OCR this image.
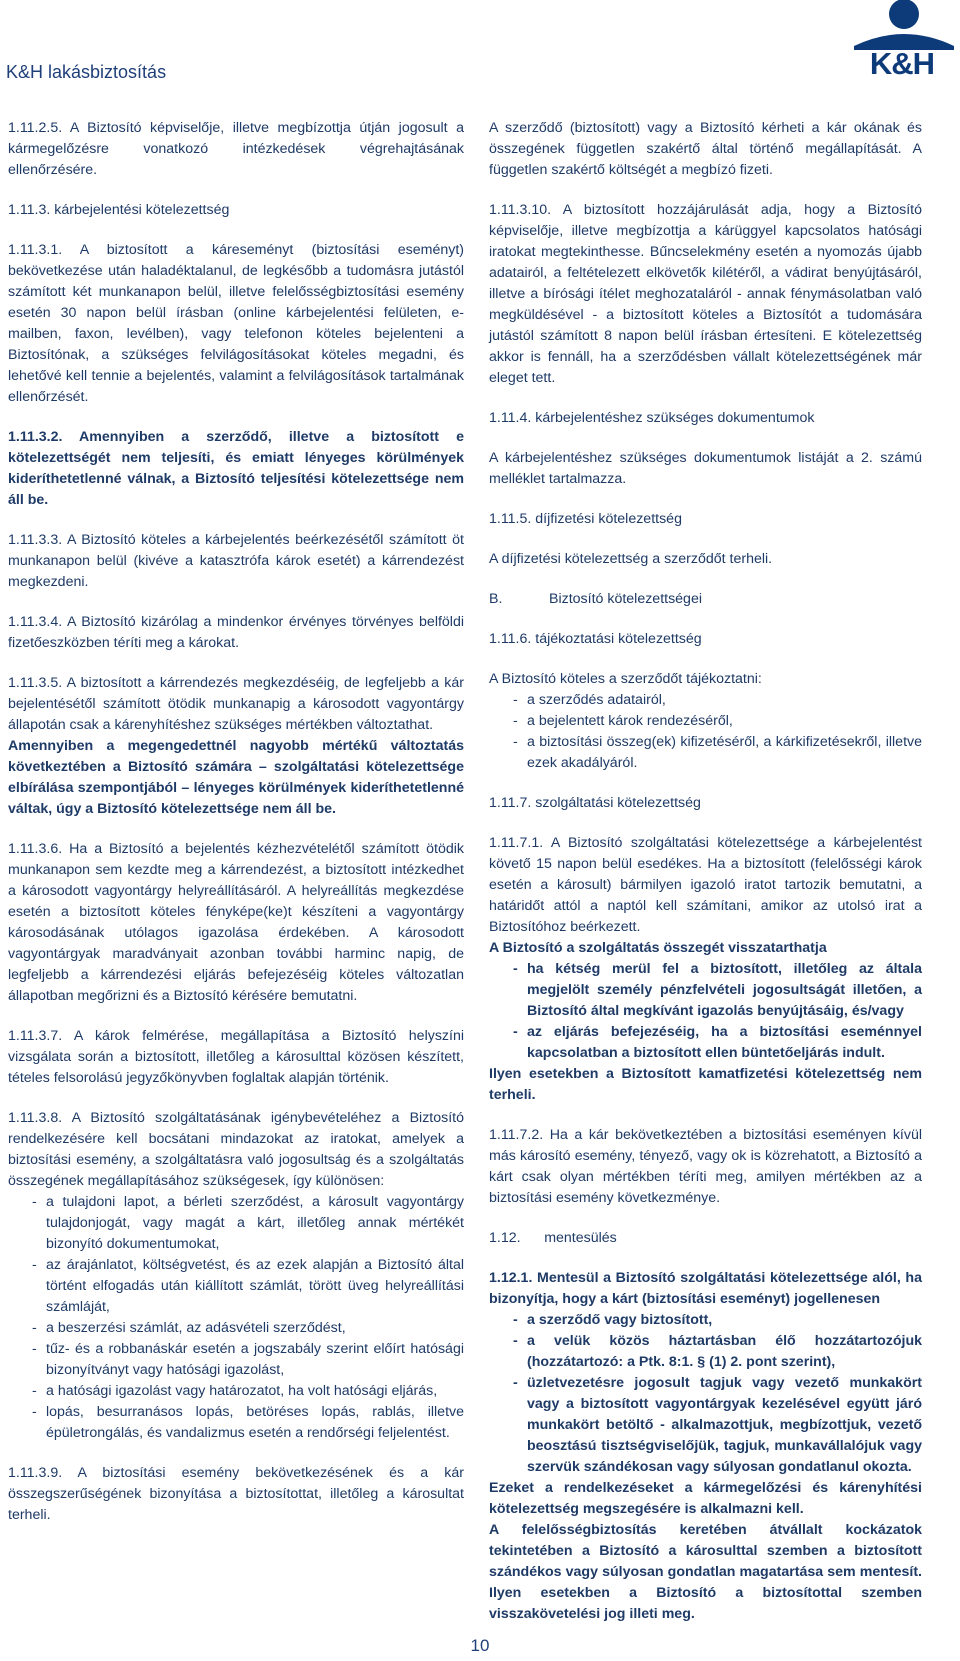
K&H lakásbiztosítás	K&H

1.11.2.5. A Biztosító képviselője, illetve megbízottja útján jogosult a kármegelőzésre vonatkozó intézkedések végrehajtásának ellenőrzésére.

1.11.3. kárbejelentési kötelezettség

1.11.3.1. A biztosított a káreseményt (biztosítási eseményt) bekövetkezése után haladéktalanul, de legkésőbb a tudomásra jutástól számított két munkanapon belül, illetve felelősségbiztosítási esemény esetén 30 napon belül írásban (online kárbejelentési felületen, e-mailben, faxon, levélben), vagy telefonon köteles bejelenteni a Biztosítónak, a szükséges felvilágosításokat köteles megadni, és lehetővé kell tennie a bejelentés, valamint a felvilágosítások tartalmának ellenőrzését.

1.11.3.2. Amennyiben a szerződő, illetve a biztosított e kötelezettségét nem teljesíti, és emiatt lényeges körülmények kideríthetetlenné válnak, a Biztosító teljesítési kötelezettsége nem áll be.

1.11.3.3. A Biztosító köteles a kárbejelentés beérkezésétől számított öt munkanapon belül (kivéve a katasztrófa károk esetét) a kárrendezést megkezdeni.

1.11.3.4. A Biztosító kizárólag a mindenkor érvényes törvényes belföldi fizetőeszközben téríti meg a károkat.

1.11.3.5. A biztosított a kárrendezés megkezdéséig, de legfeljebb a kár bejelentésétől számított ötödik munkanapig a károsodott vagyontárgy állapotán csak a kárenyhítéshez szükséges mértékben változtathat.

Amennyiben a megengedettnél nagyobb mértékű változtatás következtében a Biztosító számára – szolgáltatási kötelezettsége elbírálása szempontjából – lényeges körülmények kideríthetetlenné váltak, úgy a Biztosító kötelezettsége nem áll be.

1.11.3.6. Ha a Biztosító a bejelentés kézhezvételétől számított ötödik munkanapon sem kezdte meg a kárrendezést, a biztosított intézkedhet a károsodott vagyontárgy helyreállításáról. A helyreállítás megkezdése esetén a biztosított köteles fényképe(ke)t készíteni a vagyontárgy károsodásának utólagos igazolása érdekében. A károsodott vagyontárgyak maradványait azonban további harminc napig, de legfeljebb a kárrendezési eljárás befejezéséig köteles változatlan állapotban megőrizni és a Biztosító kérésére bemutatni.

1.11.3.7. A károk felmérése, megállapítása a Biztosító helyszíni vizsgálata során a biztosított, illetőleg a károsulttal közösen készített, tételes felsorolású jegyzőkönyvben foglaltak alapján történik.

1.11.3.8. A Biztosító szolgáltatásának igénybevételéhez a Biztosító rendelkezésére kell bocsátani mindazokat az iratokat, amelyek a biztosítási esemény, a szolgáltatásra való jogosultság és a szolgáltatás összegének megállapításához szükségesek, így különösen:

- a tulajdoni lapot, a bérleti szerződést, a károsult vagyontárgy tulajdonjogát, vagy magát a kárt, illetőleg annak mértékét bizonyító dokumentumokat,
- az árajánlatot, költségvetést, és az ezek alapján a Biztosító által történt elfogadás után kiállított számlát, törött üveg helyreállítási számláját,
- a beszerzési számlát, az adásvételi szerződést,
- tűz- és a robbanáskár esetén a jogszabály szerint előírt hatósági bizonyítványt vagy hatósági igazolást,
- a hatósági igazolást vagy határozatot, ha volt hatósági eljárás,
- lopás, besurranásos lopás, betöréses lopás, rablás, illetve épületrongálás, és vandalizmus esetén a rendőrségi feljelentést.

1.11.3.9. A biztosítási esemény bekövetkezésének és a kár összegszerűségének bizonyítása a biztosítottat, illetőleg a károsultat terheli.

A szerződő (biztosított) vagy a Biztosító kérheti a kár okának és összegének független szakértő által történő megállapítását. A független szakértő költségét a megbízó fizeti.

1.11.3.10. A biztosított hozzájárulását adja, hogy a Biztosító képviselője, illetve megbízottja a kárüggyel kapcsolatos hatósági iratokat megtekinthesse. Bűncselekmény esetén a nyomozás újabb adatairól, a feltételezett elkövetők kilétéről, a vádirat benyújtásáról, illetve a bírósági ítélet meghozataláról - annak fénymásolatban való megküldésével - a biztosított köteles a Biztosítót a tudomására jutástól számított 8 napon belül írásban értesíteni. E kötelezettség akkor is fennáll, ha a szerződésben vállalt kötelezettségének már eleget tett.

1.11.4. kárbejelentéshez szükséges dokumentumok

A kárbejelentéshez szükséges dokumentumok listáját a 2. számú melléklet tartalmazza.

1.11.5. díjfizetési kötelezettség

A díjfizetési kötelezettség a szerződőt terheli.

B.	Biztosító kötelezettségei

1.11.6. tájékoztatási kötelezettség

A Biztosító köteles a szerződőt tájékoztatni:

- a szerződés adatairól,
- a bejelentett károk rendezéséről,
- a biztosítási összeg(ek) kifizetéséről, a kárkifizetésekről, illetve ezek akadályáról.

1.11.7. szolgáltatási kötelezettség

1.11.7.1. A Biztosító szolgáltatási kötelezettsége a kárbejelentést követő 15 napon belül esedékes. Ha a biztosított (felelősségi károk esetén a károsult) bármilyen igazoló iratot tartozik bemutatni, a határidőt attól a naptól kell számítani, amikor az utolsó irat a Biztosítóhoz beérkezett.

A Biztosító a szolgáltatás összegét visszatarthatja

- ha kétség merül fel a biztosított, illetőleg az általa megjelölt személy pénzfelvételi jogosultságát illetően, a Biztosító által megkívánt igazolás benyújtásáig, és/vagy
- az eljárás befejezéséig, ha a biztosítási eseménnyel kapcsolatban a biztosított ellen büntetőeljárás indult.

Ilyen esetekben a Biztosított kamatfizetési kötelezettség nem terheli.

1.11.7.2. Ha a kár bekövetkeztében a biztosítási eseményen kívül más károsító esemény, tényező, vagy ok is közrehatott, a Biztosító a kárt csak olyan mértékben téríti meg, amilyen mértékben az a biztosítási esemény következménye.

1.12.      mentesülés

1.12.1. Mentesül a Biztosító szolgáltatási kötelezettsége alól, ha bizonyítja, hogy a kárt (biztosítási eseményt) jogellenesen

- a szerződő vagy biztosított,
- a velük közös háztartásban élő hozzátartozójuk (hozzátartozó: a Ptk. 8:1. § (1) 2. pont szerint),
- üzletvezetésre jogosult tagjuk vagy vezető munkakört vagy a biztosított vagyontárgyak kezelésével együtt járó munkakört betöltő - alkalmazottjuk, megbízottjuk, vezető beosztású tisztségviselőjük, tagjuk, munkavállalójuk vagy szervük szándékosan vagy súlyosan gondatlanul okozta.

Ezeket a rendelkezéseket a kármegelőzési és kárenyhítési kötelezettség megszegésére is alkalmazni kell.

A felelősségbiztosítás keretében átvállalt kockázatok tekintetében a Biztosító a károsulttal szemben a biztosított szándékos vagy súlyosan gondatlan magatartása sem mentesít. Ilyen esetekben a Biztosító a biztosítottal szemben visszakövetelési jog illeti meg.

10
